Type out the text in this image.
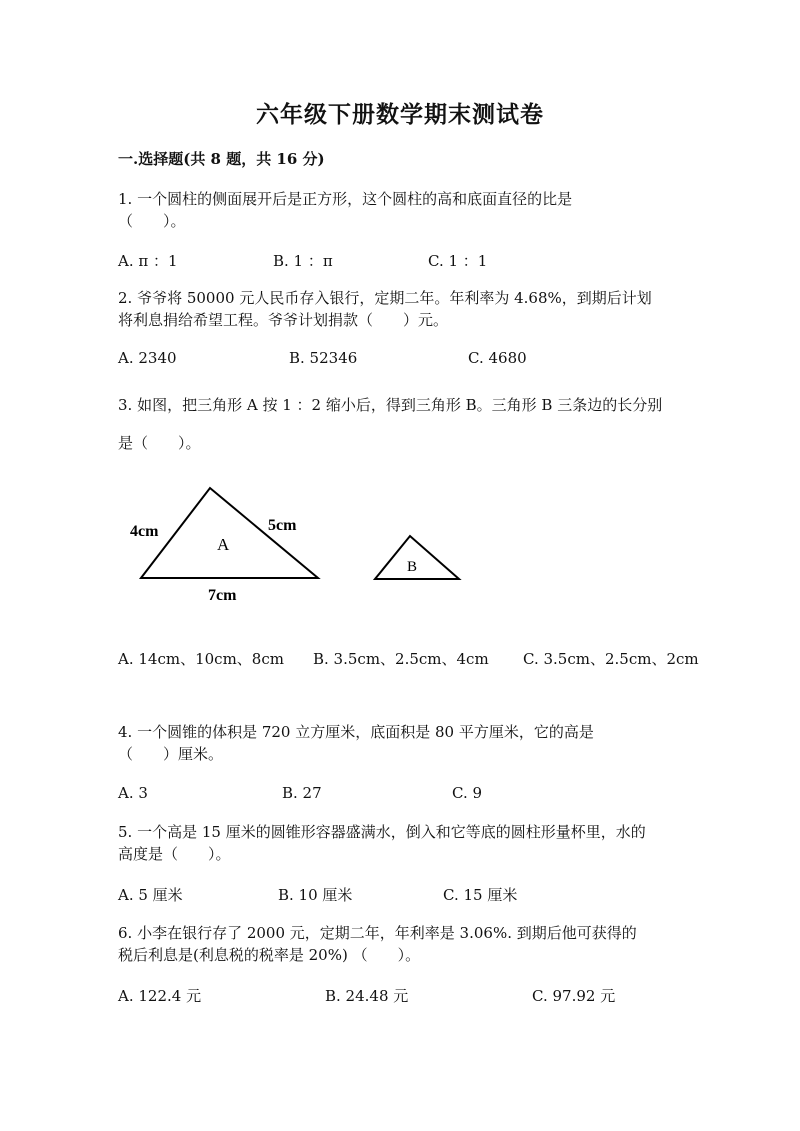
六年级下册数学期末测试卷
一.选择题(共 8 题，共 16 分)
1. 一个圆柱的侧面展开后是正方形，这个圆柱的高和底面直径的比是
（　　）。
A. π ：1	B. 1 ：π	C. 1 ：1
2. 爷爷将 50000 元人民币存入银行，定期二年。年利率为 4.68%，到期后计划
将利息捐给希望工程。爷爷计划捐款（　　）元。
A. 2340	B. 52346	C. 4680
3. 如图，把三角形 A 按 1 ：2 缩小后，得到三角形 B。三角形 B 三条边的长分别
是（　　）。
A
4cm	5cm
7cm
B
A. 14cm、10cm、8cm B. 3.5cm、2.5cm、4cm C. 3.5cm、2.5cm、2cm
4. 一个圆锥的体积是 720 立方厘米，底面积是 80 平方厘米，它的高是
（　　）厘米。
A. 3	B. 27	C. 9
5. 一个高是 15 厘米的圆锥形容器盛满水，倒入和它等底的圆柱形量杯里，水的
高度是（　　）。
A. 5 厘米	B. 10 厘米	C. 15 厘米
6. 小李在银行存了 2000 元，定期二年，年利率是 3.06%. 到期后他可获得的
税后利息是(利息税的税率是 20%) （　　）。
A. 122.4 元	B. 24.48 元	C. 97.92 元
